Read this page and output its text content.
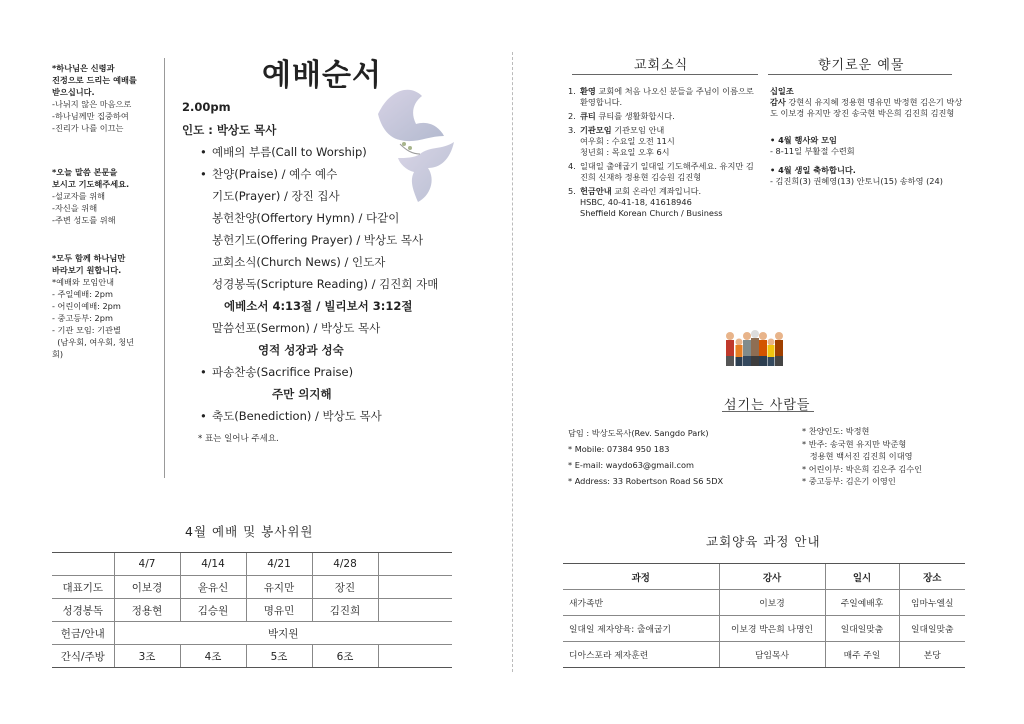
*하나님은 신령과
진정으로 드리는 예배를
받으십니다.
-나뉘지 않은 마음으로
-하나님께만 집중하여
-진리가 나를 이끄는
*오늘 말씀 본문을
보시고 기도해주세요.
-설교자를 위해
-자신을 위해
-주변 성도를 위해
*모두 함께 하나님만
바라보기 원합니다.
*예배와 모임안내
- 주일예배: 2pm
- 어린이예배: 2pm
- 중고등부: 2pm
- 기관 모임: 기관별
(남우회, 여우회, 청년
회)
예배순서
2.00pm
인도 : 박상도 목사
• 예배의 부름(Call to Worship)
• 찬양(Praise) / 예수 예수
기도(Prayer) / 장진 집사
봉헌찬양(Offertory Hymn) / 다같이
봉헌기도(Offering Prayer) / 박상도 목사
교회소식(Church News) / 인도자
성경봉독(Scripture Reading) / 김진희 자매
에베소서 4:13절 / 빌리보서 3:12절
말씀선포(Sermon) / 박상도 목사
영적 성장과 성숙
• 파송찬송(Sacrifice Praise)
주만 의지해
• 축도(Benediction) / 박상도 목사
* 표는 일어나 주세요.
4월 예배 및 봉사위원
	4/7	4/14	4/21	4/28	
대표기도	이보경	윤유신	유지만	장진	
성경봉독	정용현	김승원	명유민	김진희	
헌금/안내	박지원				
간식/주방	3조	4조	5조	6조	
교회소식
1. 환영 교회에 처음 나오신 분들을 주님이 이름으로 환영합니다.
2. 큐티 큐티를 생활화합시다.
3. 기관모임 기관모임 안내
여우회 : 수요일 오전 11시
청년회 : 목요일 오후 6시
4. 일대일 출애굽기 일대일 기도해주세요. 유지만 김진희 신재하 정용현 김승원 김진형
5. 헌금안내 교회 온라인 계좌입니다.
HSBC, 40-41-18, 41618946
Sheffield Korean Church / Business
향기로운 예물
십일조
감사 강현식 유지혜 정용현 명유민 박정현 김은기 박상도 이보경 유지만 장진 송국현 박은희 김진희 김진형
• 4월 행사와 모임
- 8-11일 부활절 수련회
• 4월 생일 축하합니다.
- 김진희(3) 권혜영(13) 안토니(15) 송하영 (24)
섬기는 사람들
담임 : 박상도목사(Rev. Sangdo Park)
* Mobile: 07384 950 183
* E-mail: waydo63@gmail.com
* Address: 33 Robertson Road S6 5DX
* 찬양인도: 박정현
* 반주: 송국현 유지만 박준형
정용현 백서진 김진희 이대영
* 어린이부: 박은희 김은주 김수인
* 중고등부: 김은기 이영인
교회양육 과정 안내
과정	강사	일시	장소
새가족반	이보경	주일예배후	임마누엘실
일대일 제자양육: 출애굽기	이보경 박은희 나명인	일대일맞춤	일대일맞춤
디아스포라 제자훈련	담임목사	매주 주일	본당
